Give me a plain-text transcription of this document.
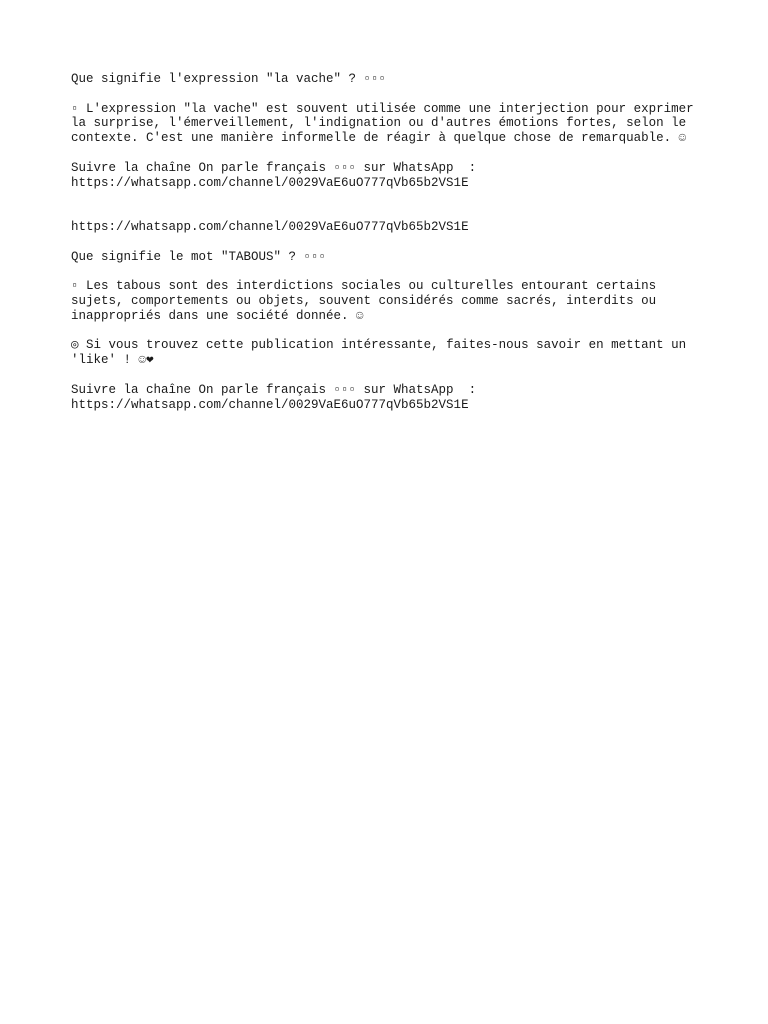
Que signifie l'expression "la vache" ? ▫▫▫
▫ L'expression "la vache" est souvent utilisée comme une interjection pour exprimer
la surprise, l'émerveillement, l'indignation ou d'autres émotions fortes, selon le
contexte. C'est une manière informelle de réagir à quelque chose de remarquable. ☺
Suivre la chaîne On parle français ▫▫▫ sur WhatsApp  :
https://whatsapp.com/channel/0029VaE6uO777qVb65b2VS1E
https://whatsapp.com/channel/0029VaE6uO777qVb65b2VS1E
Que signifie le mot "TABOUS" ? ▫▫▫
▫ Les tabous sont des interdictions sociales ou culturelles entourant certains
sujets, comportements ou objets, souvent considérés comme sacrés, interdits ou
inappropriés dans une société donnée. ☺
◎ Si vous trouvez cette publication intéressante, faites-nous savoir en mettant un
'like' ! ☺❤
Suivre la chaîne On parle français ▫▫▫ sur WhatsApp  :
https://whatsapp.com/channel/0029VaE6uO777qVb65b2VS1E
